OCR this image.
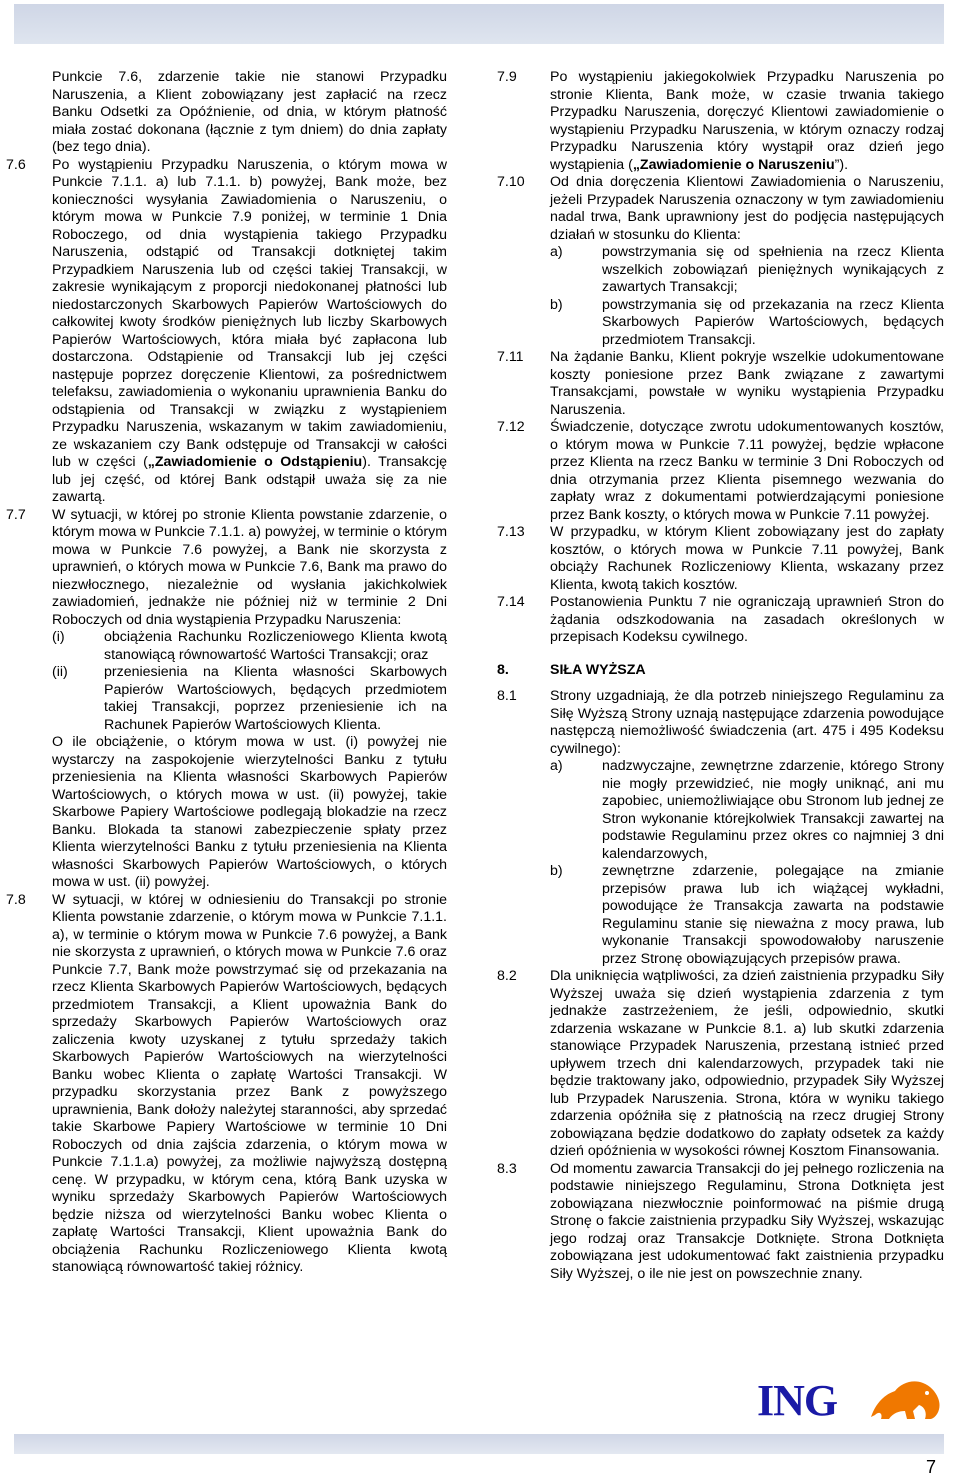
Punkcie 7.6, zdarzenie takie nie stanowi Przypadku Naruszenia, a Klient zobowiązany jest zapłacić na rzecz Banku Odsetki za Opóźnienie, od dnia, w którym płatność miała zostać dokonana (łącznie z tym dniem) do dnia zapłaty (bez tego dnia).

7.6	Po wystąpieniu Przypadku Naruszenia, o którym mowa w Punkcie 7.1.1. a) lub 7.1.1. b) powyżej, Bank może, bez konieczności wysyłania Zawiadomienia o Naruszeniu, o którym mowa w Punkcie 7.9 poniżej, w terminie 1 Dnia Roboczego, od dnia wystąpienia takiego Przypadku Naruszenia, odstąpić od Transakcji dotkniętej takim Przypadkiem Naruszenia lub od części takiej Transakcji, w zakresie wynikającym z proporcji niedokonanej płatności lub niedostarczonych Skarbowych Papierów Wartościowych do całkowitej kwoty środków pieniężnych lub liczby Skarbowych Papierów Wartościowych, która miała być zapłacona lub dostarczona. Odstąpienie od Transakcji lub jej części następuje poprzez doręczenie Klientowi, za pośrednictwem telefaksu, zawiadomienia o wykonaniu uprawnienia Banku do odstąpienia od Transakcji w związku z wystąpieniem Przypadku Naruszenia, wskazanym w takim zawiadomieniu, ze wskazaniem czy Bank odstępuje od Transakcji w całości lub w części („Zawiadomienie o Odstąpieniu). Transakcję lub jej część, od której Bank odstąpił uważa się za nie zawartą.

7.7	W sytuacji, w której po stronie Klienta powstanie zdarzenie, o którym mowa w Punkcie 7.1.1. a) powyżej, w terminie o którym mowa w Punkcie 7.6 powyżej, a Bank nie skorzysta z uprawnień, o których mowa w Punkcie 7.6, Bank ma prawo do niezwłocznego, niezależnie od wysłania jakichkolwiek zawiadomień, jednakże nie później niż w terminie 2 Dni Roboczych od dnia wystąpienia Przypadku Naruszenia:

(i)	obciążenia Rachunku Rozliczeniowego Klienta kwotą stanowiącą równowartość Wartości Transakcji; oraz
(ii)	przeniesienia na Klienta własności Skarbowych Papierów Wartościowych, będących przedmiotem takiej Transakcji, poprzez przeniesienie ich na Rachunek Papierów Wartościowych Klienta.

O ile obciążenie, o którym mowa w ust. (i) powyżej nie wystarczy na zaspokojenie wierzytelności Banku z tytułu przeniesienia na Klienta własności Skarbowych Papierów Wartościowych, o których mowa w ust. (ii) powyżej, takie Skarbowe Papiery Wartościowe podlegają blokadzie na rzecz Banku. Blokada ta stanowi zabezpieczenie spłaty przez Klienta wierzytelności Banku z tytułu przeniesienia na Klienta własności Skarbowych Papierów Wartościowych, o których mowa w ust. (ii) powyżej.

7.8	W sytuacji, w której w odniesieniu do Transakcji po stronie Klienta powstanie zdarzenie, o którym mowa w Punkcie 7.1.1. a), w terminie o którym mowa w Punkcie 7.6 powyżej, a Bank nie skorzysta z uprawnień, o których mowa w Punkcie 7.6 oraz Punkcie 7.7, Bank może powstrzymać się od przekazania na rzecz Klienta Skarbowych Papierów Wartościowych, będących przedmiotem Transakcji, a Klient upoważnia Bank do sprzedaży Skarbowych Papierów Wartościowych oraz zaliczenia kwoty uzyskanej z tytułu sprzedaży takich Skarbowych Papierów Wartościowych na wierzytelności Banku wobec Klienta o zapłatę Wartości Transakcji. W przypadku skorzystania przez Bank z powyższego uprawnienia, Bank dołoży należytej staranności, aby sprzedać takie Skarbowe Papiery Wartościowe w terminie 10 Dni Roboczych od dnia zajścia zdarzenia, o którym mowa w Punkcie 7.1.1.a) powyżej, za możliwie najwyższą dostępną cenę. W przypadku, w którym cena, którą Bank uzyska w wyniku sprzedaży Skarbowych Papierów Wartościowych będzie niższa od wierzytelności Banku wobec Klienta o zapłatę Wartości Transakcji, Klient upoważnia Bank do obciążenia Rachunku Rozliczeniowego Klienta kwotą stanowiącą równowartość takiej różnicy.

7.9	Po wystąpieniu jakiegokolwiek Przypadku Naruszenia po stronie Klienta, Bank może, w czasie trwania takiego Przypadku Naruszenia, doręczyć Klientowi zawiadomienie o wystąpieniu Przypadku Naruszenia, w którym oznaczy rodzaj Przypadku Naruszenia który wystąpił oraz dzień jego wystąpienia („Zawiadomienie o Naruszeniu”).

7.10	Od dnia doręczenia Klientowi Zawiadomienia o Naruszeniu, jeżeli Przypadek Naruszenia oznaczony w tym zawiadomieniu nadal trwa, Bank uprawniony jest do podjęcia następujących działań w stosunku do Klienta:

a)	powstrzymania się od spełnienia na rzecz Klienta wszelkich zobowiązań pieniężnych wynikających z zawartych Transakcji;
b)	powstrzymania się od przekazania na rzecz Klienta Skarbowych Papierów Wartościowych, będących przedmiotem Transakcji.
7.11	Na żądanie Banku, Klient pokryje wszelkie udokumentowane koszty poniesione przez Bank związane z zawartymi Transakcjami, powstałe w wyniku wystąpienia Przypadku Naruszenia.

7.12	Świadczenie, dotyczące zwrotu udokumentowanych kosztów, o którym mowa w Punkcie 7.11 powyżej, będzie wpłacone przez Klienta na rzecz Banku w terminie 3 Dni Roboczych od dnia otrzymania przez Klienta pisemnego wezwania do zapłaty wraz z dokumentami potwierdzającymi poniesione przez Bank koszty, o których mowa w Punkcie 7.11 powyżej.

7.13	W przypadku, w którym Klient zobowiązany jest do zapłaty kosztów, o których mowa w Punkcie 7.11 powyżej, Bank obciąży Rachunek Rozliczeniowy Klienta, wskazany przez Klienta, kwotą takich kosztów.

7.14	Postanowienia Punktu 7 nie ograniczają uprawnień Stron do żądania odszkodowania na zasadach określonych w przepisach Kodeksu cywilnego.

8.	SIŁA WYŻSZA
8.1	Strony uzgadniają, że dla potrzeb niniejszego Regulaminu za Siłę Wyższą Strony uznają następujące zdarzenia powodujące następczą niemożliwość świadczenia (art. 475 i 495 Kodeksu cywilnego):

a)	nadzwyczajne, zewnętrzne zdarzenie, którego Strony nie mogły przewidzieć, nie mogły uniknąć, ani mu zapobiec, uniemożliwiające obu Stronom lub jednej ze Stron wykonanie którejkolwiek Transakcji zawartej na podstawie Regulaminu przez okres co najmniej 3 dni kalendarzowych,
b)	zewnętrzne zdarzenie, polegające na zmianie przepisów prawa lub ich wiążącej wykładni, powodujące że Transakcja zawarta na podstawie Regulaminu stanie się nieważna z mocy prawa, lub wykonanie Transakcji spowodowałoby naruszenie przez Stronę obowiązujących przepisów prawa.
8.2	Dla uniknięcia wątpliwości, za dzień zaistnienia przypadku Siły Wyższej uważa się dzień wystąpienia zdarzenia z tym jednakże zastrzeżeniem, że jeśli, odpowiednio, skutki zdarzenia wskazane w Punkcie 8.1. a) lub skutki zdarzenia stanowiące Przypadek Naruszenia, przestaną istnieć przed upływem trzech dni kalendarzowych, przypadek taki nie będzie traktowany jako, odpowiednio, przypadek Siły Wyższej lub Przypadek Naruszenia. Strona, która w wyniku takiego zdarzenia opóźniła się z płatnością na rzecz drugiej Strony zobowiązana będzie dodatkowo do zapłaty odsetek za każdy dzień opóźnienia w wysokości równej Kosztom Finansowania.

8.3	Od momentu zawarcia Transakcji do jej pełnego rozliczenia na podstawie niniejszego Regulaminu, Strona Dotknięta jest zobowiązana niezwłocznie poinformować na piśmie drugą Stronę o fakcie zaistnienia przypadku Siły Wyższej, wskazując jego rodzaj oraz Transakcje Dotknięte. Strona Dotknięta zobowiązana jest udokumentować fakt zaistnienia przypadku Siły Wyższej, o ile nie jest on powszechnie znany.

ING
7
